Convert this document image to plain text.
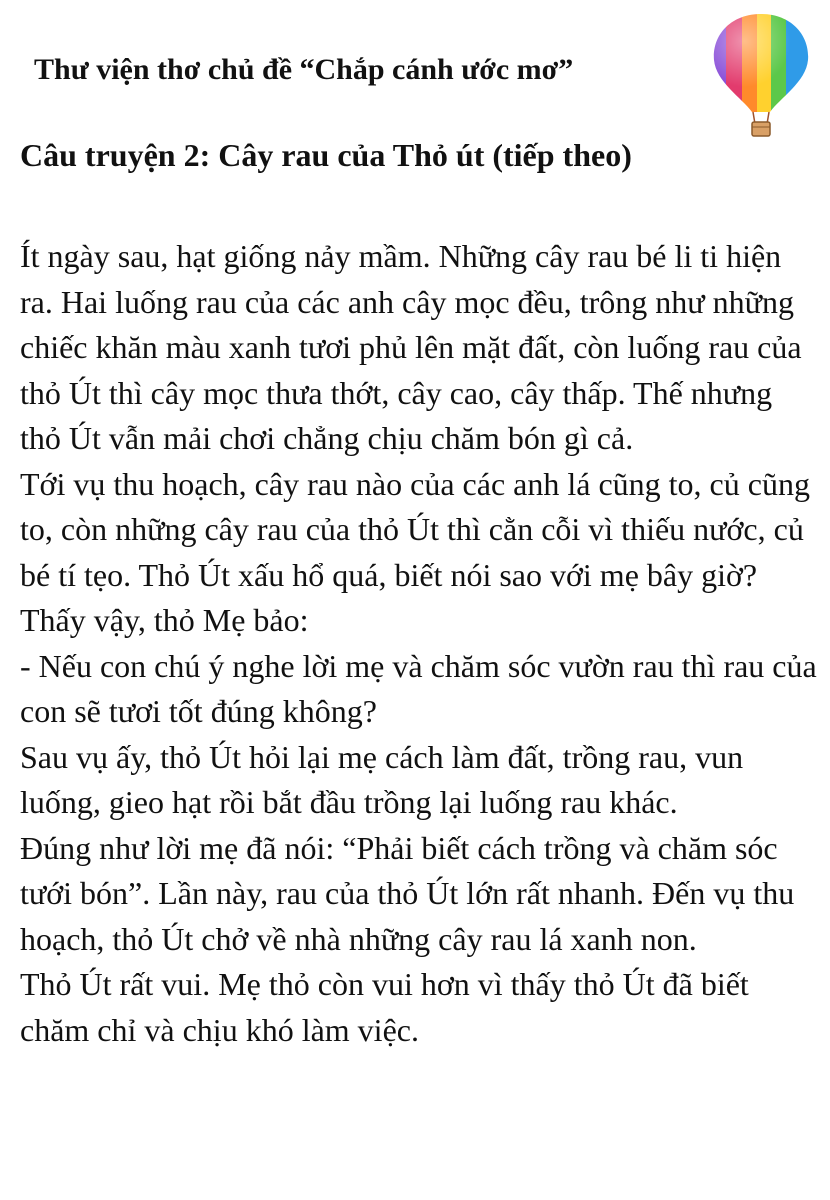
Thư viện thơ chủ đề “Chắp cánh ước mơ”
Câu truyện 2: Cây rau của Thỏ út (tiếp theo)

Ít ngày sau, hạt giống nảy mầm. Những cây rau bé li ti hiện ra. Hai luống rau của các anh cây mọc đều, trông như những chiếc khăn màu xanh tươi phủ lên mặt đất, còn luống rau của thỏ Út thì cây mọc thưa thớt, cây cao, cây thấp. Thế nhưng thỏ Út vẫn mải chơi chẳng chịu chăm bón gì cả.

Tới vụ thu hoạch, cây rau nào của các anh lá cũng to, củ cũng to, còn những cây rau của thỏ Út thì cằn cỗi vì thiếu nước, củ bé tí tẹo. Thỏ Út xấu hổ quá, biết nói sao với mẹ bây giờ?

Thấy vậy, thỏ Mẹ bảo:

- Nếu con chú ý nghe lời mẹ và chăm sóc vườn rau thì rau của con sẽ tươi tốt đúng không?

Sau vụ ấy, thỏ Út hỏi lại mẹ cách làm đất, trồng rau, vun luống, gieo hạt rồi bắt đầu trồng lại luống rau khác.

Đúng như lời mẹ đã nói: “Phải biết cách trồng và chăm sóc tưới bón”. Lần này, rau của thỏ Út lớn rất nhanh. Đến vụ thu hoạch, thỏ Út chở về nhà những cây rau lá xanh non.

Thỏ Út rất vui. Mẹ thỏ còn vui hơn vì thấy thỏ Út đã biết chăm chỉ và chịu khó làm việc.
